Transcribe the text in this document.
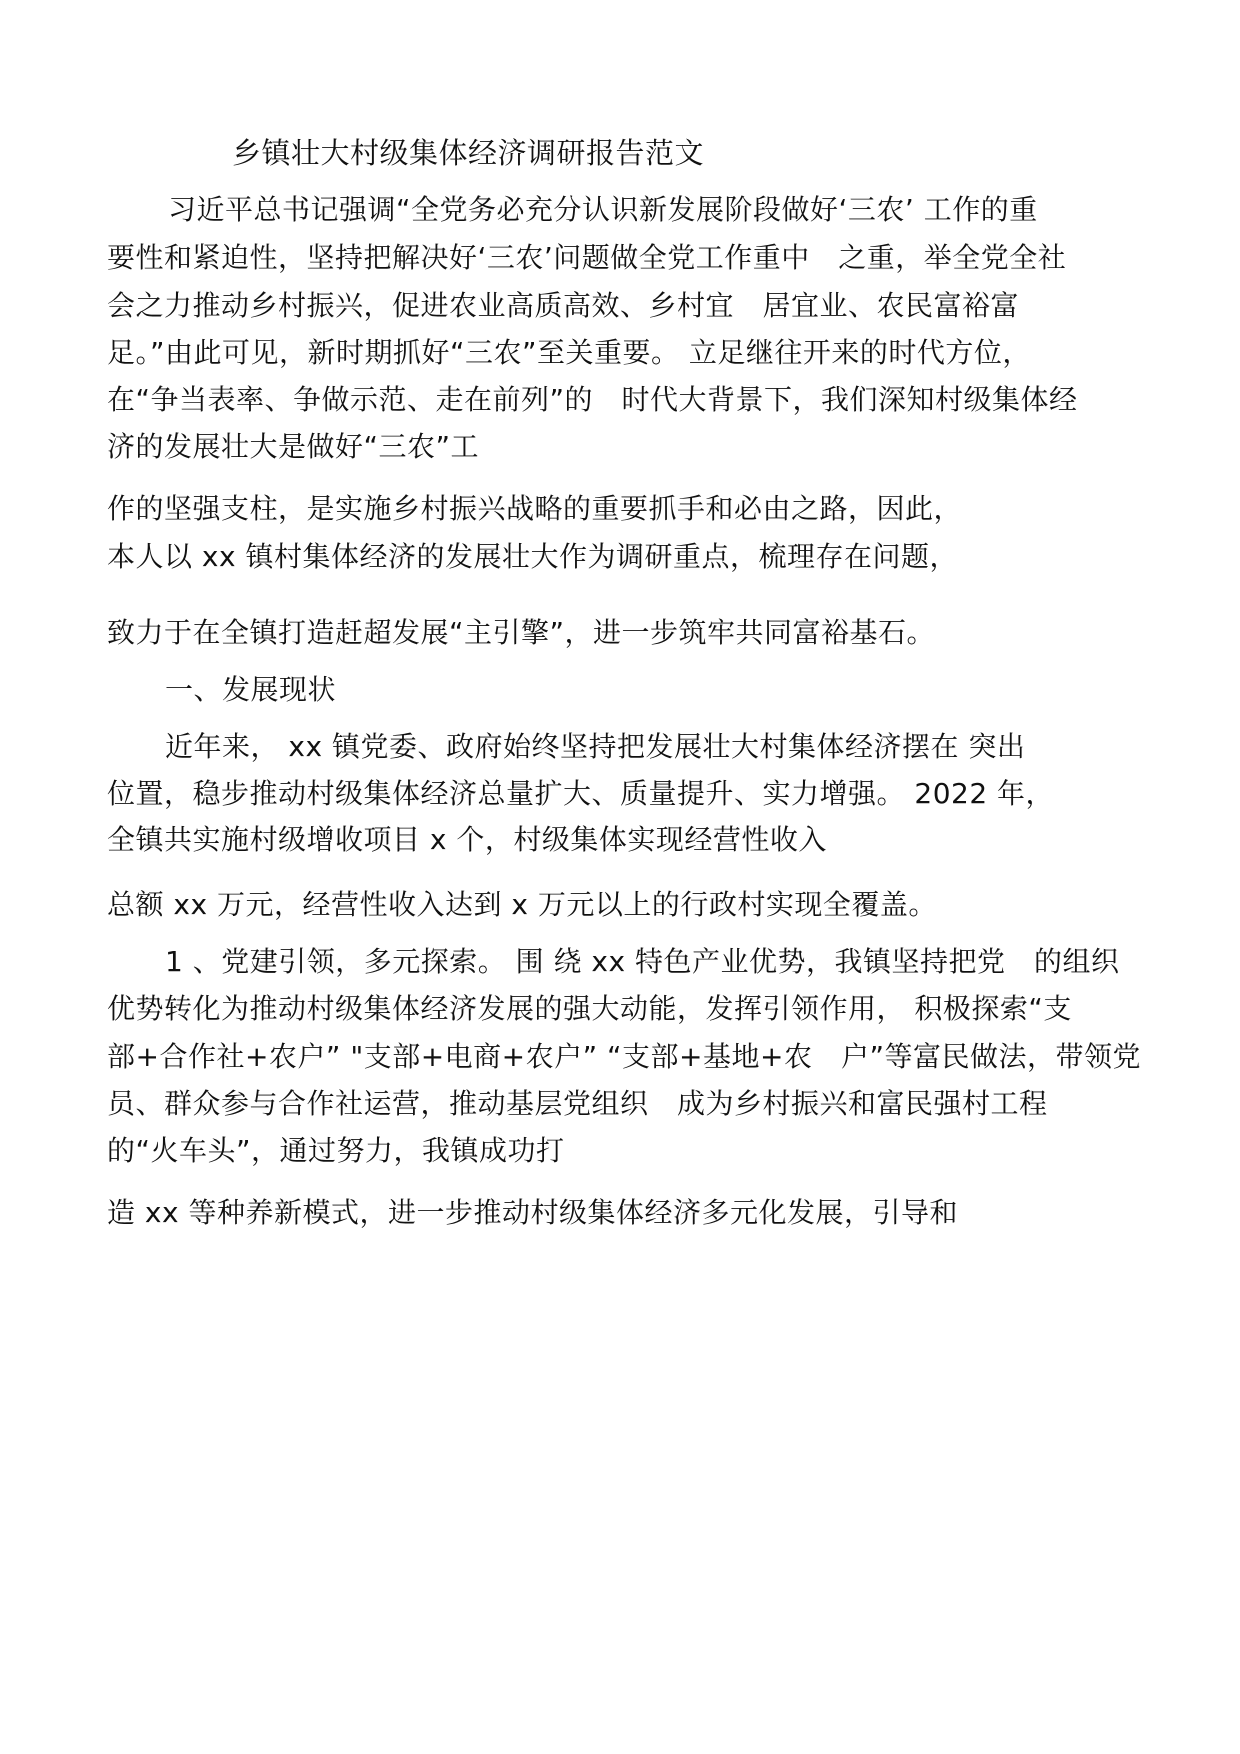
乡镇壮大村级集体经济调研报告范文
习近平总书记强调“全党务必充分认识新发展阶段做好‘三农’ 工作的重
要性和紧迫性，坚持把解决好‘三农’问题做全党工作重中　之重，举全党全社
会之力推动乡村振兴，促进农业高质高效、乡村宜　居宜业、农民富裕富
足。”由此可见，新时期抓好“三农”至关重要。 立足继往开来的时代方位，
在“争当表率、争做示范、走在前列”的　时代大背景下，我们深知村级集体经
济的发展壮大是做好“三农”工
作的坚强支柱，是实施乡村振兴战略的重要抓手和必由之路，因此，
本人以 xx 镇村集体经济的发展壮大作为调研重点，梳理存在问题，
致力于在全镇打造赶超发展“主引擎”，进一步筑牢共同富裕基石。
一、发展现状
近年来， xx 镇党委、政府始终坚持把发展壮大村集体经济摆在 突出
位置，稳步推动村级集体经济总量扩大、质量提升、实力增强。 2022 年，
全镇共实施村级增收项目 x 个，村级集体实现经营性收入
总额 xx 万元，经营性收入达到 x 万元以上的行政村实现全覆盖。
1 、党建引领，多元探索。 围 绕 xx 特色产业优势，我镇坚持把党　的组织
优势转化为推动村级集体经济发展的强大动能，发挥引领作用， 积极探索“支
部+合作社+农户” "支部+电商+农户” “支部+基地+农　户”等富民做法，带领党
员、群众参与合作社运营，推动基层党组织　成为乡村振兴和富民强村工程
的“火车头”，通过努力，我镇成功打
造 xx 等种养新模式，进一步推动村级集体经济多元化发展，引导和
